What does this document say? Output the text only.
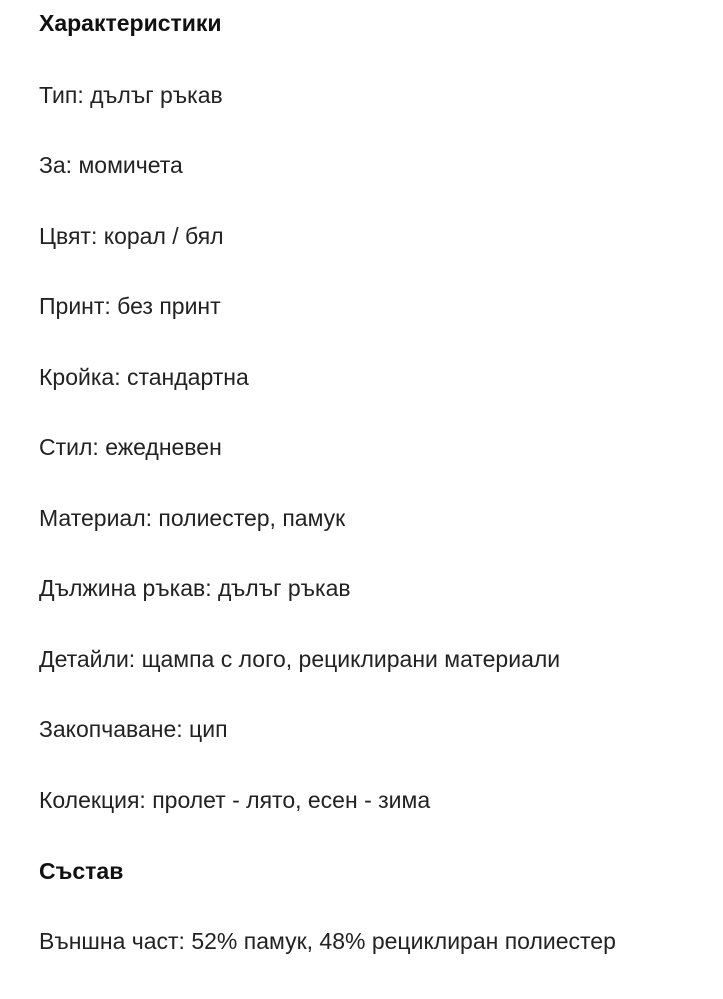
Характеристики
Тип: дълъг ръкав
За: момичета
Цвят: корал / бял
Принт: без принт
Кройка: стандартна
Стил: ежедневен
Материал: полиестер, памук
Дължина ръкав: дълъг ръкав
Детайли: щампа с лого, рециклирани материали
Закопчаване: цип
Колекция: пролет - лято, есен - зима
Състав
Външна част: 52% памук, 48% рециклиран полиестер
